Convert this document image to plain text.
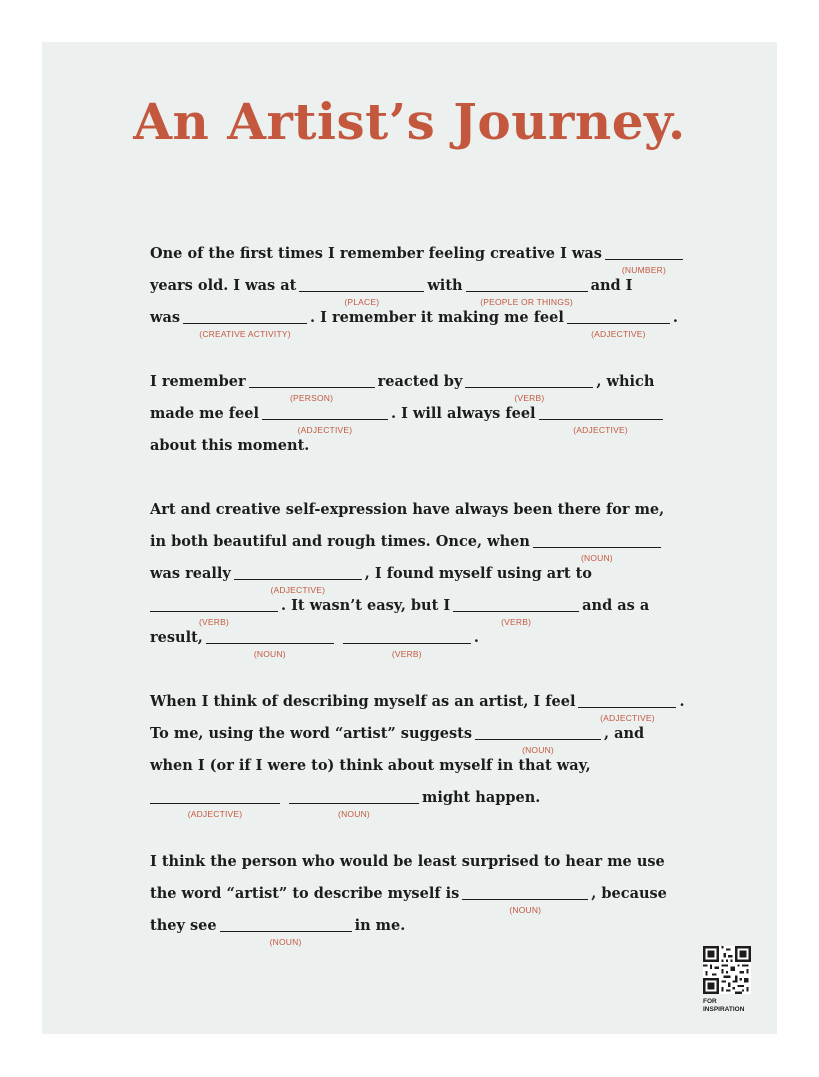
An Artist’s Journey.
One of the first times I remember feeling creative I was
(NUMBER)
years old. I was at
(PLACE)
with
(PEOPLE OR THINGS)
and I
was
(CREATIVE ACTIVITY)
. I remember it making me feel
(ADJECTIVE)
.
I remember
(PERSON)
reacted by
(VERB)
, which
made me feel
(ADJECTIVE)
. I will always feel
(ADJECTIVE)
about this moment.
Art and creative self-expression have always been there for me,
in both beautiful and rough times. Once, when
(NOUN)
was really
(ADJECTIVE)
, I found myself using art to
(VERB)
. It wasn’t easy, but I
(VERB)
and as a
result,
(NOUN)	(VERB)
.
When I think of describing myself as an artist, I feel
(ADJECTIVE)
.
To me, using the word “artist” suggests
(NOUN)
, and
when I (or if I were to) think about myself in that way,
(ADJECTIVE)	(NOUN)
might happen.
I think the person who would be least surprised to hear me use
the word “artist” to describe myself is
(NOUN)
, because
they see
(NOUN)
in me.
FOR INSPIRATION
